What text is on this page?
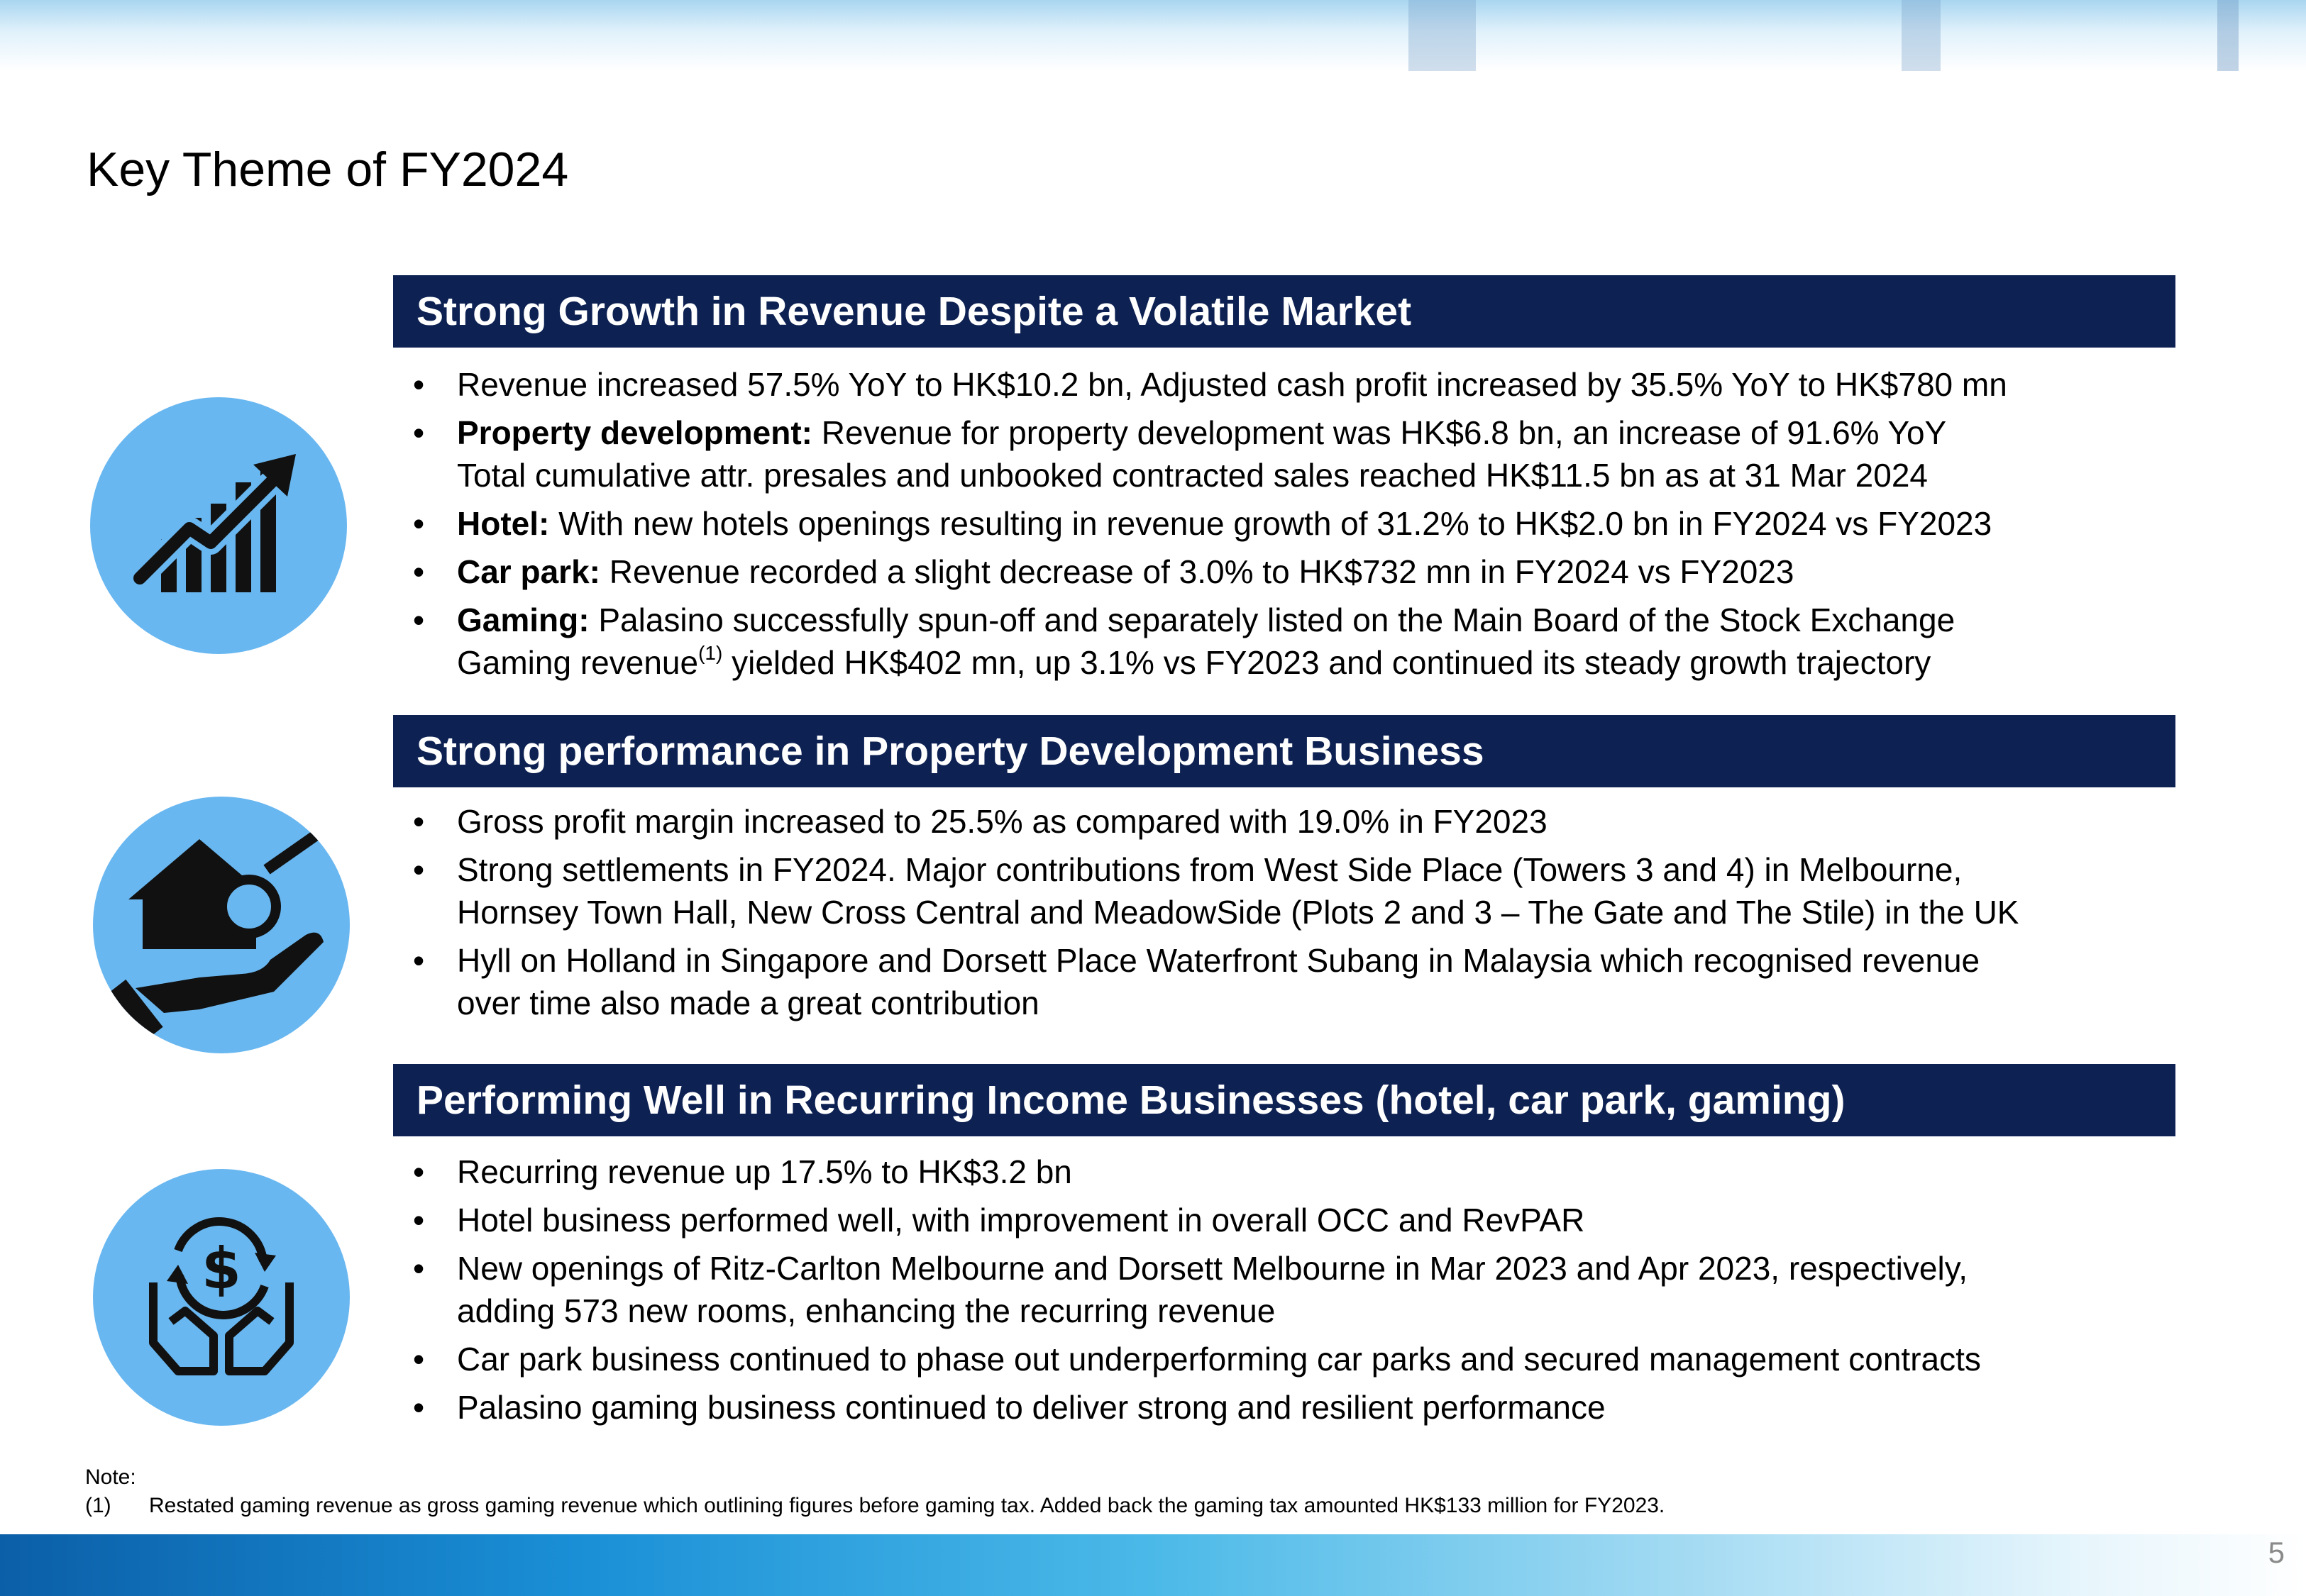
Key Theme of FY2024
Strong Growth in Revenue Despite a Volatile Market
• Revenue increased 57.5% YoY to HK$10.2 bn, Adjusted cash profit increased by 35.5% YoY to HK$780 mn
• Property development: Revenue for property development was HK$6.8 bn, an increase of 91.6% YoY
Total cumulative attr. presales and unbooked contracted sales reached HK$11.5 bn as at 31 Mar 2024
• Hotel: With new hotels openings resulting in revenue growth of 31.2% to HK$2.0 bn in FY2024 vs FY2023
• Car park: Revenue recorded a slight decrease of 3.0% to HK$732 mn in FY2024 vs FY2023
• Gaming: Palasino successfully spun-off and separately listed on the Main Board of the Stock Exchange
Gaming revenue$^{(1)}$ yielded HK$402 mn, up 3.1% vs FY2023 and continued its steady growth trajectory
Strong performance in Property Development Business
• Gross profit margin increased to 25.5% as compared with 19.0% in FY2023
• Strong settlements in FY2024. Major contributions from West Side Place (Towers 3 and 4) in Melbourne,
Hornsey Town Hall, New Cross Central and MeadowSide (Plots 2 and 3 – The Gate and The Stile) in the UK
• Hyll on Holland in Singapore and Dorsett Place Waterfront Subang in Malaysia which recognised revenue
over time also made a great contribution
$
Performing Well in Recurring Income Businesses (hotel, car park, gaming)
• Recurring revenue up 17.5% to HK$3.2 bn
• Hotel business performed well, with improvement in overall OCC and RevPAR
• New openings of Ritz-Carlton Melbourne and Dorsett Melbourne in Mar 2023 and Apr 2023, respectively,
adding 573 new rooms, enhancing the recurring revenue
• Car park business continued to phase out underperforming car parks and secured management contracts
• Palasino gaming business continued to deliver strong and resilient performance
Note:
(1) Restated gaming revenue as gross gaming revenue which outlining figures before gaming tax. Added back the gaming tax amounted HK$133 million for FY2023.
5
